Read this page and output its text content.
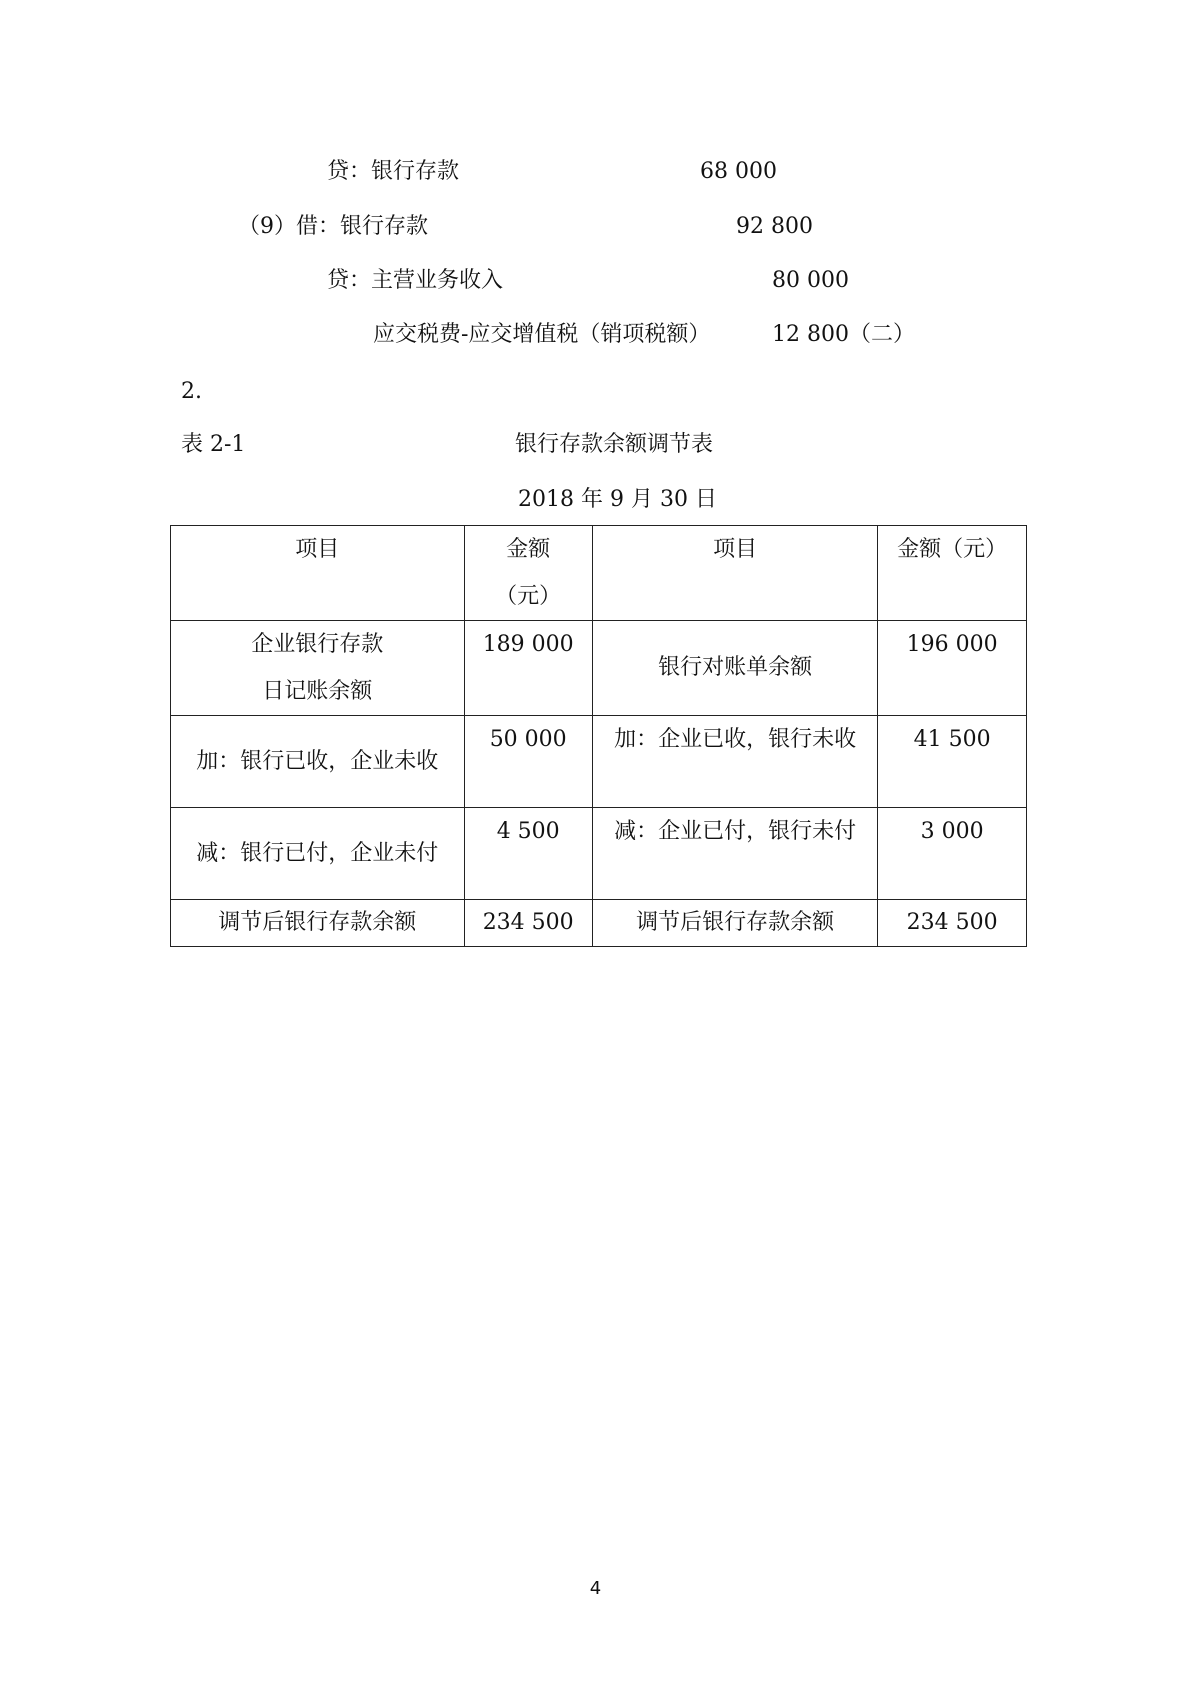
贷：银行存款	68 000
（9）借：银行存款	92 800
贷：主营业务收入	80 000
应交税费-应交增值税（销项税额）	12 800（二）
2.
表 2-1	银行存款余额调节表
2018 年 9 月 30 日
项目	金额（元）	项目	金额（元）

企业银行存款日记账余额	189 000	银行对账单余额	196 000
加：银行已收，企业未收	50 000	加：企业已收，银行未收	41 500
减：银行已付，企业未付	4 500	减：企业已付，银行未付	3 000
调节后银行存款余额	234 500	调节后银行存款余额	234 500
4
